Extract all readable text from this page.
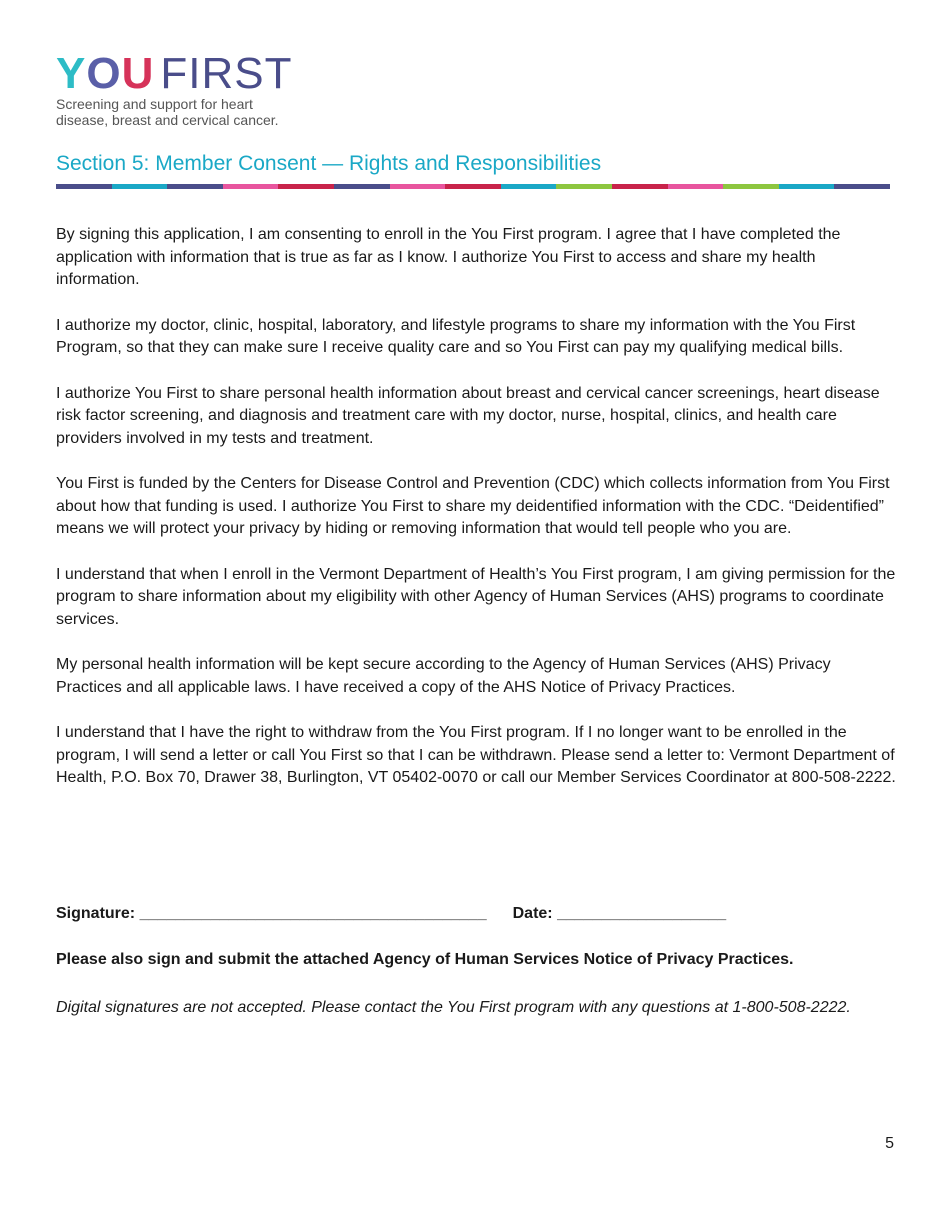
YOU FIRST
Screening and support for heart
disease, breast and cervical cancer.
Section 5: Member Consent — Rights and Responsibilities

By signing this application, I am consenting to enroll in the You First program. I agree that I have completed the application with information that is true as far as I know. I authorize You First to access and share my health information.

I authorize my doctor, clinic, hospital, laboratory, and lifestyle programs to share my information with the You First Program, so that they can make sure I receive quality care and so You First can pay my qualifying medical bills.

I authorize You First to share personal health information about breast and cervical cancer screenings, heart disease risk factor screening, and diagnosis and treatment care with my doctor, nurse, hospital, clinics, and health care providers involved in my tests and treatment.

You First is funded by the Centers for Disease Control and Prevention (CDC) which collects information from You First about how that funding is used. I authorize You First to share my deidentified information with the CDC. “Deidentified” means we will protect your privacy by hiding or removing information that would tell people who you are.

I understand that when I enroll in the Vermont Department of Health’s You First program, I am giving permission for the program to share information about my eligibility with other Agency of Human Services (AHS) programs to coordinate services.

My personal health information will be kept secure according to the Agency of Human Services (AHS) Privacy Practices and all applicable laws. I have received a copy of the AHS Notice of Privacy Practices.

I understand that I have the right to withdraw from the You First program. If I no longer want to be enrolled in the program, I will send a letter or call You First so that I can be withdrawn. Please send a letter to: Vermont Department of Health, P.O. Box 70, Drawer 38, Burlington, VT 05402-0070 or call our Member Services Coordinator at 800-508-2222.

Signature: _______________________________________ Date: ___________________
Please also sign and submit the attached Agency of Human Services Notice of Privacy Practices.
Digital signatures are not accepted. Please contact the You First program with any questions at 1-800-508-2222.
5
